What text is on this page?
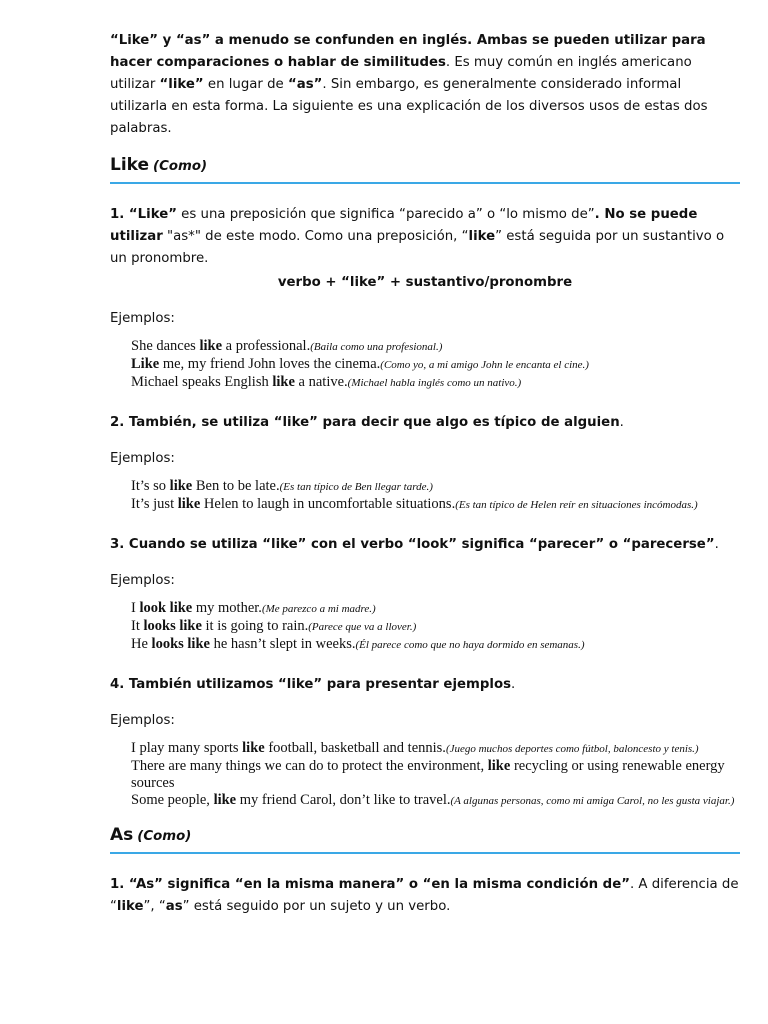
“Like” y “as” a menudo se confunden en inglés. Ambas se pueden utilizar para hacer comparaciones o hablar de similitudes. Es muy común en inglés americano utilizar “like” en lugar de “as”. Sin embargo, es generalmente considerado informal utilizarla en esta forma. La siguiente es una explicación de los diversos usos de estas dos palabras.

Like (Como)
1. “Like” es una preposición que significa “parecido a” o “lo mismo de”. No se puede utilizar "as*" de este modo. Como una preposición, “like” está seguida por un sustantivo o un pronombre.
verbo + “like” + sustantivo/pronombre
Ejemplos:
She dances like a professional.(Baila como una profesional.)
Like me, my friend John loves the cinema.(Como yo, a mi amigo John le encanta el cine.)
Michael speaks English like a native.(Michael habla inglés como un nativo.)
2. También, se utiliza “like” para decir que algo es típico de alguien.
Ejemplos:
It’s so like Ben to be late.(Es tan típico de Ben llegar tarde.)
It’s just like Helen to laugh in uncomfortable situations.(Es tan típico de Helen reír en situaciones incómodas.)
3. Cuando se utiliza “like” con el verbo “look” significa “parecer” o “parecerse”.
Ejemplos:
I look like my mother.(Me parezco a mi madre.)
It looks like it is going to rain.(Parece que va a llover.)
He looks like he hasn’t slept in weeks.(Él parece como que no haya dormido en semanas.)
4. También utilizamos “like” para presentar ejemplos.
Ejemplos:
I play many sports like football, basketball and tennis.(Juego muchos deportes como fútbol, baloncesto y tenis.)
There are many things we can do to protect the environment, like recycling or using renewable energy sources
Some people, like my friend Carol, don’t like to travel.(A algunas personas, como mi amiga Carol, no les gusta viajar.)
As (Como)
1. “As” significa “en la misma manera” o “en la misma condición de”. A diferencia de “like”, “as” está seguido por un sujeto y un verbo.
